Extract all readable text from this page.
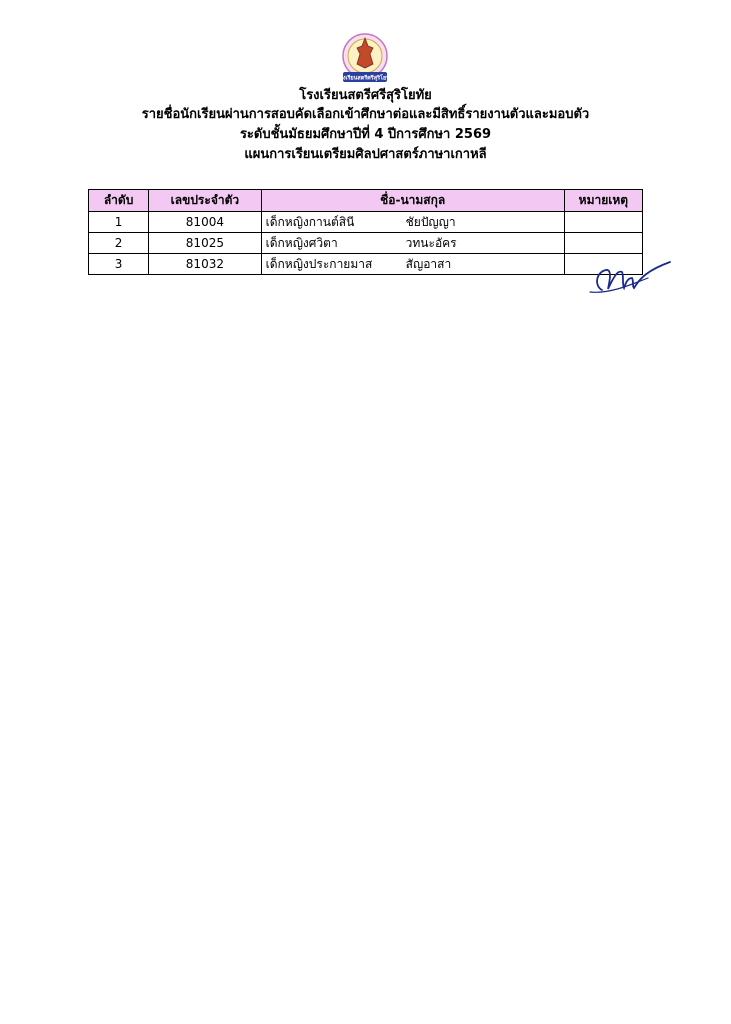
โรงเรียนสตรีศรีสุริโยทัย
โรงเรียนสตรีศรีสุริโยทัย
รายชื่อนักเรียนผ่านการสอบคัดเลือกเข้าศึกษาต่อและมีสิทธิ์รายงานตัวและมอบตัว
ระดับชั้นมัธยมศึกษาปีที่ 4 ปีการศึกษา 2569
แผนการเรียนเตรียมศิลปศาสตร์ภาษาเกาหลี
ลำดับ	เลขประจำตัว	ชื่อ-นามสกุล	หมายเหตุ
1	81004	เด็กหญิงกานต์สินี ชัยปัญญา	
2	81025	เด็กหญิงศวิตา วทนะอัคร	
3	81032	เด็กหญิงประกายมาส สัญอาสา	
